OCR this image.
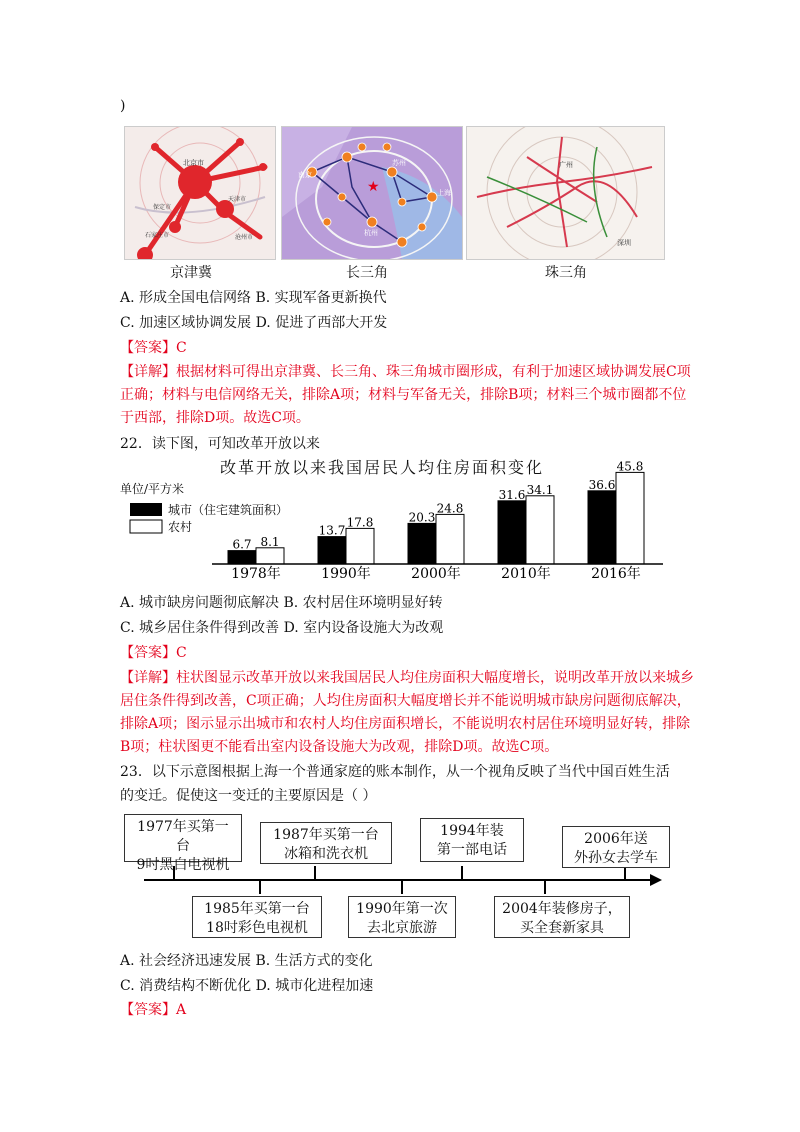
)
北京市
天津市
石家庄市
保定市
沧州市
京津冀
★
南京
苏州
上海
杭州
长三角
广州
深圳
珠三角
A. 形成全国电信网络 B. 实现军备更新换代
C. 加速区域协调发展 D. 促进了西部大开发
【答案】C
【详解】根据材料可得出京津冀、长三角、珠三角城市圈形成，有利于加速区域协调发展C项正确；材料与电信网络无关，排除A项；材料与军备无关，排除B项；材料三个城市圈都不位于西部，排除D项。故选C项。
22．读下图，可知改革开放以来
改革开放以来我国居民人均住房面积变化
单位/平方米
城市（住宅建筑面积）
农村
6.7 8.1
13.7
17.8	20.3
24.8
31.6 34.1	36.6
45.8
1978年	1990年	2000年	2010年	2016年
A. 城市缺房问题彻底解决 B. 农村居住环境明显好转
C. 城乡居住条件得到改善 D. 室内设备设施大为改观
【答案】C
【详解】柱状图显示改革开放以来我国居民人均住房面积大幅度增长，说明改革开放以来城乡居住条件得到改善，C项正确；人均住房面积大幅度增长并不能说明城市缺房问题彻底解决，排除A项；图示显示出城市和农村人均住房面积增长，不能说明农村居住环境明显好转，排除B项；柱状图更不能看出室内设备设施大为改观，排除D项。故选C项。
23．以下示意图根据上海一个普通家庭的账本制作，从一个视角反映了当代中国百姓生活
的变迁。促使这一变迁的主要原因是（ ）
1977年买第一台
9吋黑白电视机
1987年买第一台
冰箱和洗衣机
1994年装
第一部电话
2006年送
外孙女去学车
1985年买第一台
18吋彩色电视机
1990年第一次
去北京旅游
2004年装修房子，
买全套新家具
A. 社会经济迅速发展 B. 生活方式的变化
C. 消费结构不断优化 D. 城市化进程加速
【答案】A
